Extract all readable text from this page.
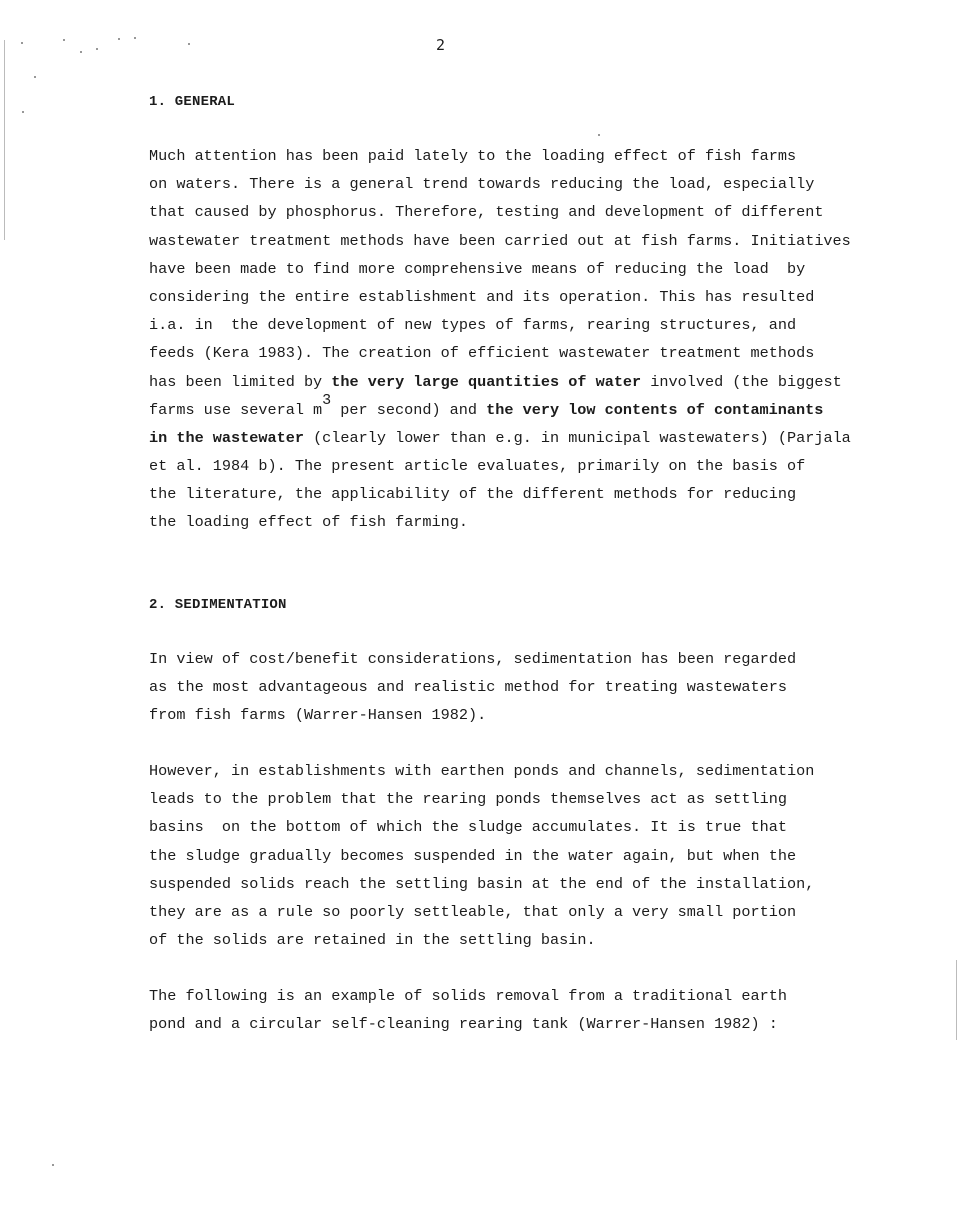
2
1. GENERAL
Much attention has been paid lately to the loading effect of fish farms
on waters. There is a general trend towards reducing the load, especially
that caused by phosphorus. Therefore, testing and development of different
wastewater treatment methods have been carried out at fish farms. Initiatives
have been made to find more comprehensive means of reducing the load  by
considering the entire establishment and its operation. This has resulted
i.a. in  the development of new types of farms, rearing structures, and
feeds (Kera 1983). The creation of efficient wastewater treatment methods
has been limited by the very large quantities of water involved (the biggest
farms use several m3 per second) and the very low contents of contaminants
in the wastewater (clearly lower than e.g. in municipal wastewaters) (Parjala
et al. 1984 b). The present article evaluates, primarily on the basis of
the literature, the applicability of the different methods for reducing
the loading effect of fish farming.
2. SEDIMENTATION
In view of cost/benefit considerations, sedimentation has been regarded
as the most advantageous and realistic method for treating wastewaters
from fish farms (Warrer-Hansen 1982).
However, in establishments with earthen ponds and channels, sedimentation
leads to the problem that the rearing ponds themselves act as settling
basins  on the bottom of which the sludge accumulates. It is true that
the sludge gradually becomes suspended in the water again, but when the
suspended solids reach the settling basin at the end of the installation,
they are as a rule so poorly settleable, that only a very small portion
of the solids are retained in the settling basin.
The following is an example of solids removal from a traditional earth
pond and a circular self-cleaning rearing tank (Warrer-Hansen 1982) :
